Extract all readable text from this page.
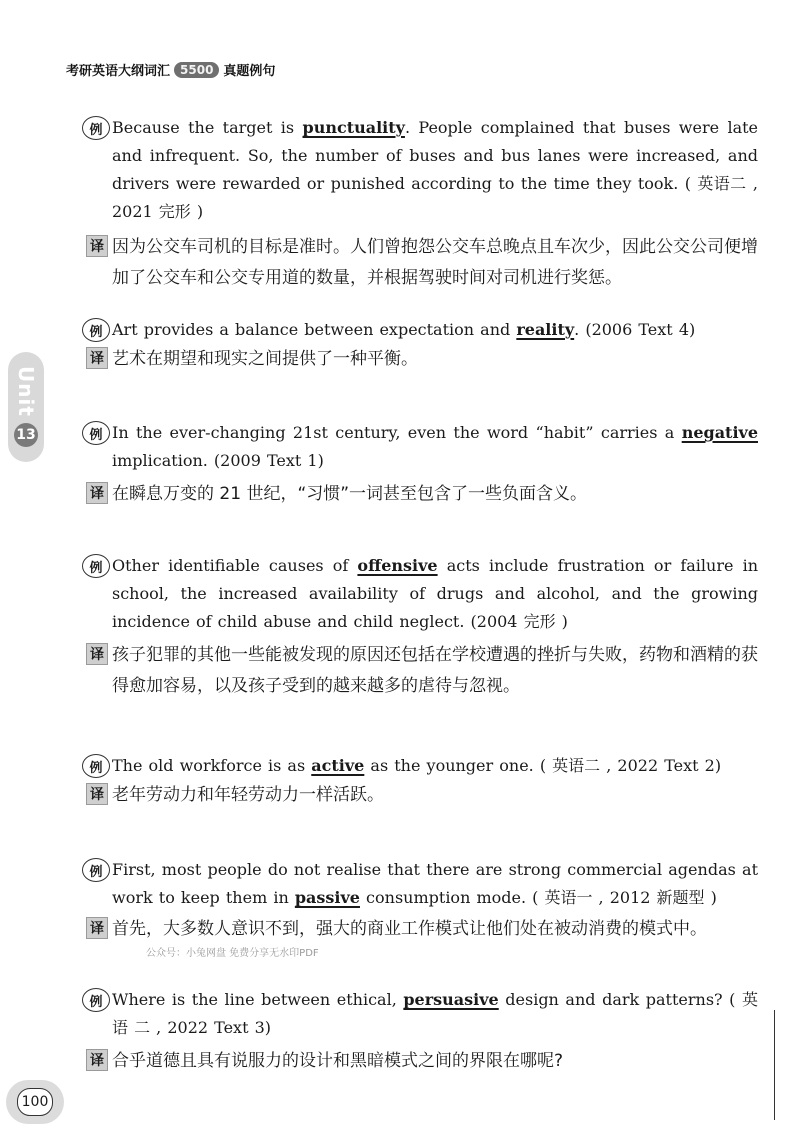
考研英语大纲词汇 5500 真题例句
Unit
13
例 Because the target is punctuality. People complained that buses were late and infrequent. So, the number of buses and bus lanes were increased, and drivers were rewarded or punished according to the time they took. ( 英语二 , 2021 完形 )
译 因为公交车司机的目标是准时。人们曾抱怨公交车总晚点且车次少，因此公交公司便增加了公交车和公交专用道的数量，并根据驾驶时间对司机进行奖惩。
例 Art provides a balance between expectation and reality. (2006 Text 4)
译 艺术在期望和现实之间提供了一种平衡。
例 In the ever-changing 21st century, even the word “habit” carries a negative implication. (2009 Text 1)
译 在瞬息万变的 21 世纪，“习惯”一词甚至包含了一些负面含义。
例 Other identifiable causes of offensive acts include frustration or failure in school, the increased availability of drugs and alcohol, and the growing incidence of child abuse and child neglect. (2004 完形 )
译 孩子犯罪的其他一些能被发现的原因还包括在学校遭遇的挫折与失败，药物和酒精的获得愈加容易，以及孩子受到的越来越多的虐待与忽视。
例 The old workforce is as active as the younger one. ( 英语二 , 2022 Text 2)
译 老年劳动力和年轻劳动力一样活跃。
例 First, most people do not realise that there are strong commercial agendas at work to keep them in passive consumption mode. ( 英语一 , 2012 新题型 )
译 首先，大多数人意识不到，强大的商业工作模式让他们处在被动消费的模式中。
公众号：小兔网盘 免费分享无水印PDF
例 Where is the line between ethical, persuasive design and dark patterns? ( 英 语 二 , 2022 Text 3)
译 合乎道德且具有说服力的设计和黑暗模式之间的界限在哪呢?
100
